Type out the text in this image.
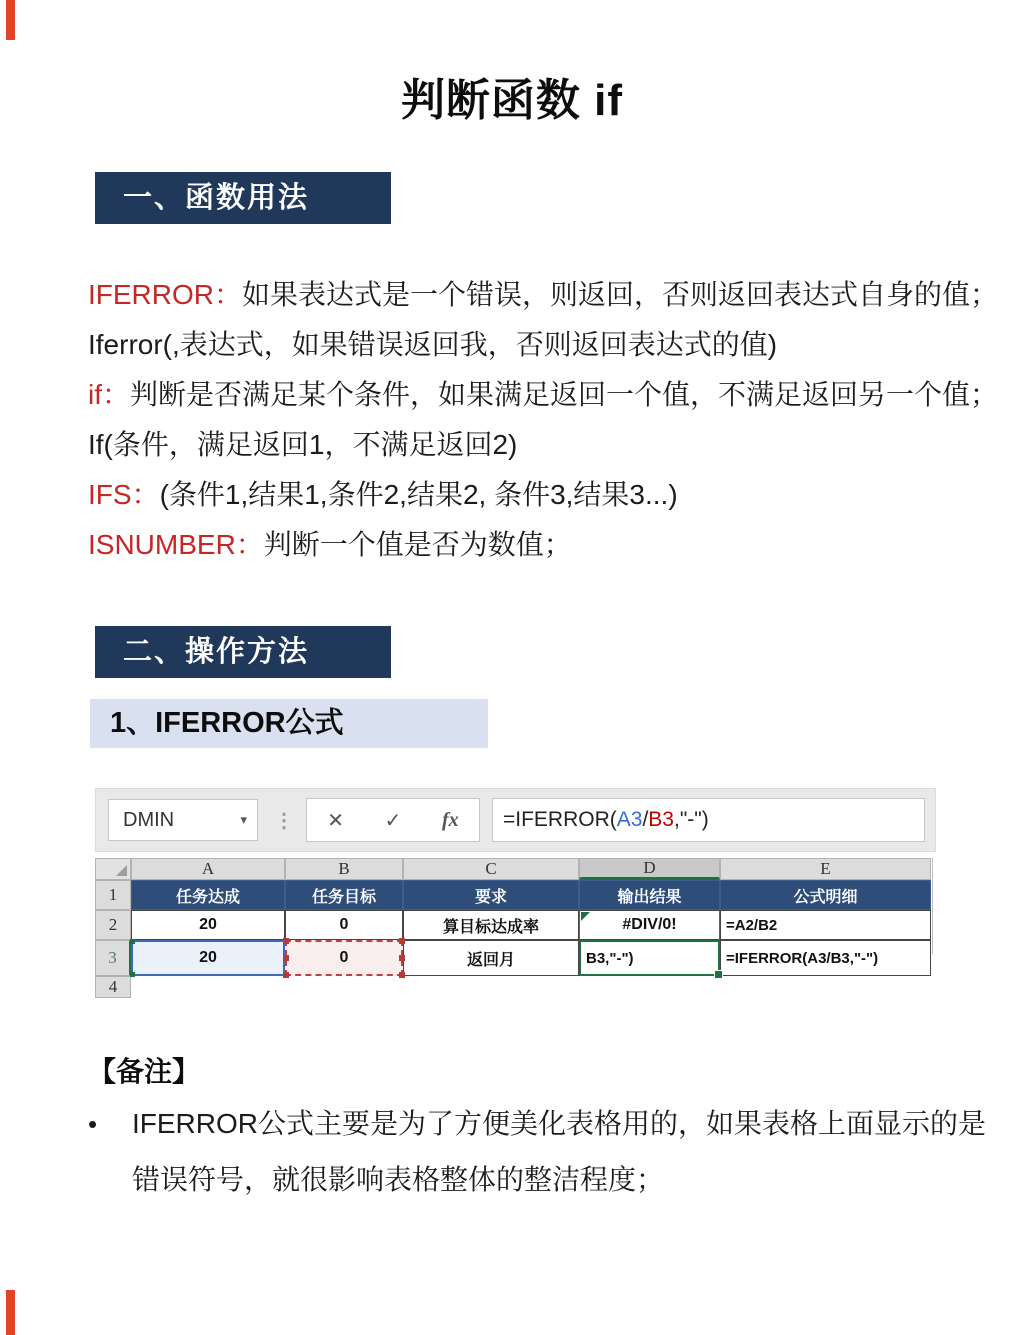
判断函数 if
一、函数用法

IFERROR：如果表达式是一个错误，则返回，否则返回表达式自身的值；

Iferror(,表达式，如果错误返回我，否则返回表达式的值)

if：判断是否满足某个条件，如果满足返回一个值，不满足返回另一个值；

If(条件，满足返回1，不满足返回2)

IFS：(条件1,结果1,条件2,结果2, 条件3,结果3...)

ISNUMBER：判断一个值是否为数值；

二、操作方法
1、IFERROR公式
DMIN	▾ ⋮ ✕ ✓ fx =IFERROR( A3 / B3 ,"-")
A	B	C	D	E
1	任务达成	任务目标	要求	输出结果	公式明细
2	20	0	算目标达成率	#DIV/0!	=A2/B2
3	20	0	返回月	B3,"-")	=IFERROR(A3/B3,"-")
4
【备注】
•	IFERROR公式主要是为了方便美化表格用的，如果表格上面显示的是
错误符号，就很影响表格整体的整洁程度；
